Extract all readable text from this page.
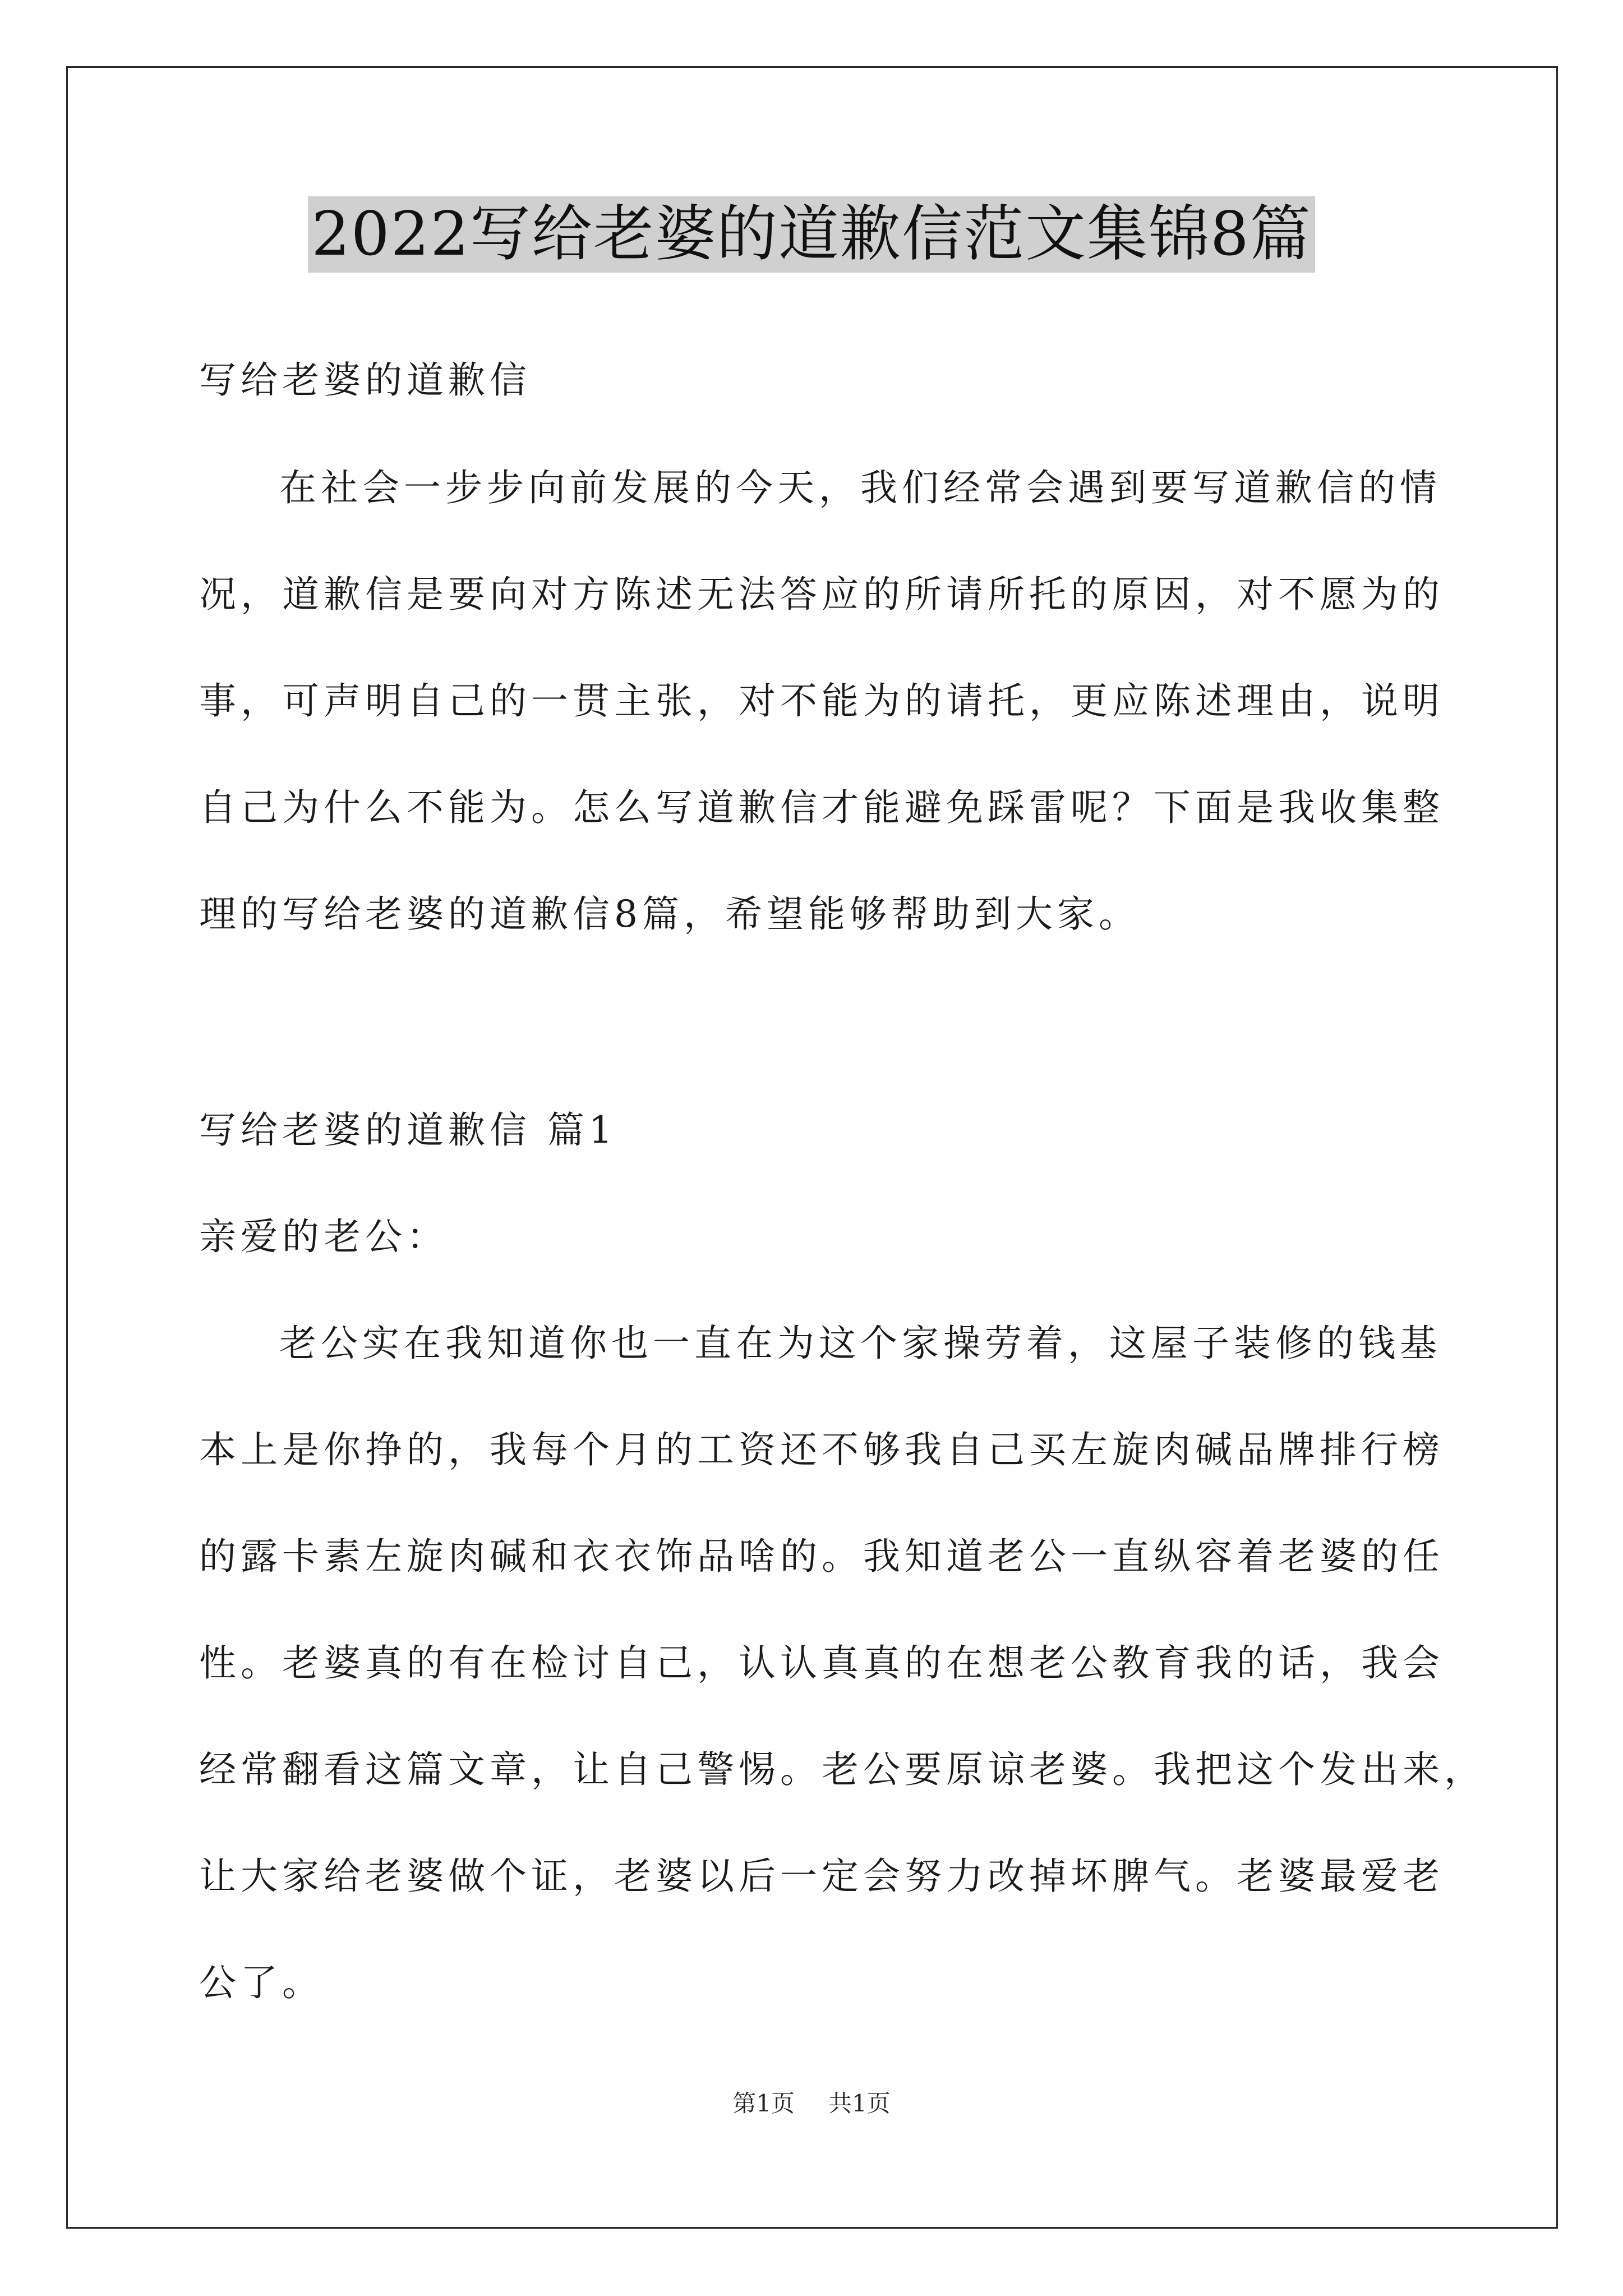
2022写给老婆的道歉信范文集锦8篇
写给老婆的道歉信
在社会一步步向前发展的今天，我们经常会遇到要写道歉信的情
况，道歉信是要向对方陈述无法答应的所请所托的原因，对不愿为的
事，可声明自己的一贯主张，对不能为的请托，更应陈述理由，说明
自己为什么不能为。怎么写道歉信才能避免踩雷呢？下面是我收集整
理的写给老婆的道歉信8篇，希望能够帮助到大家。
写给老婆的道歉信 篇1
亲爱的老公：
老公实在我知道你也一直在为这个家操劳着，这屋子装修的钱基
本上是你挣的，我每个月的工资还不够我自己买左旋肉碱品牌排行榜
的露卡素左旋肉碱和衣衣饰品啥的。我知道老公一直纵容着老婆的任
性。老婆真的有在检讨自己，认认真真的在想老公教育我的话，我会
经常翻看这篇文章，让自己警惕。老公要原谅老婆。我把这个发出来，
让大家给老婆做个证，老婆以后一定会努力改掉坏脾气。老婆最爱老
公了。
第1页 共1页
